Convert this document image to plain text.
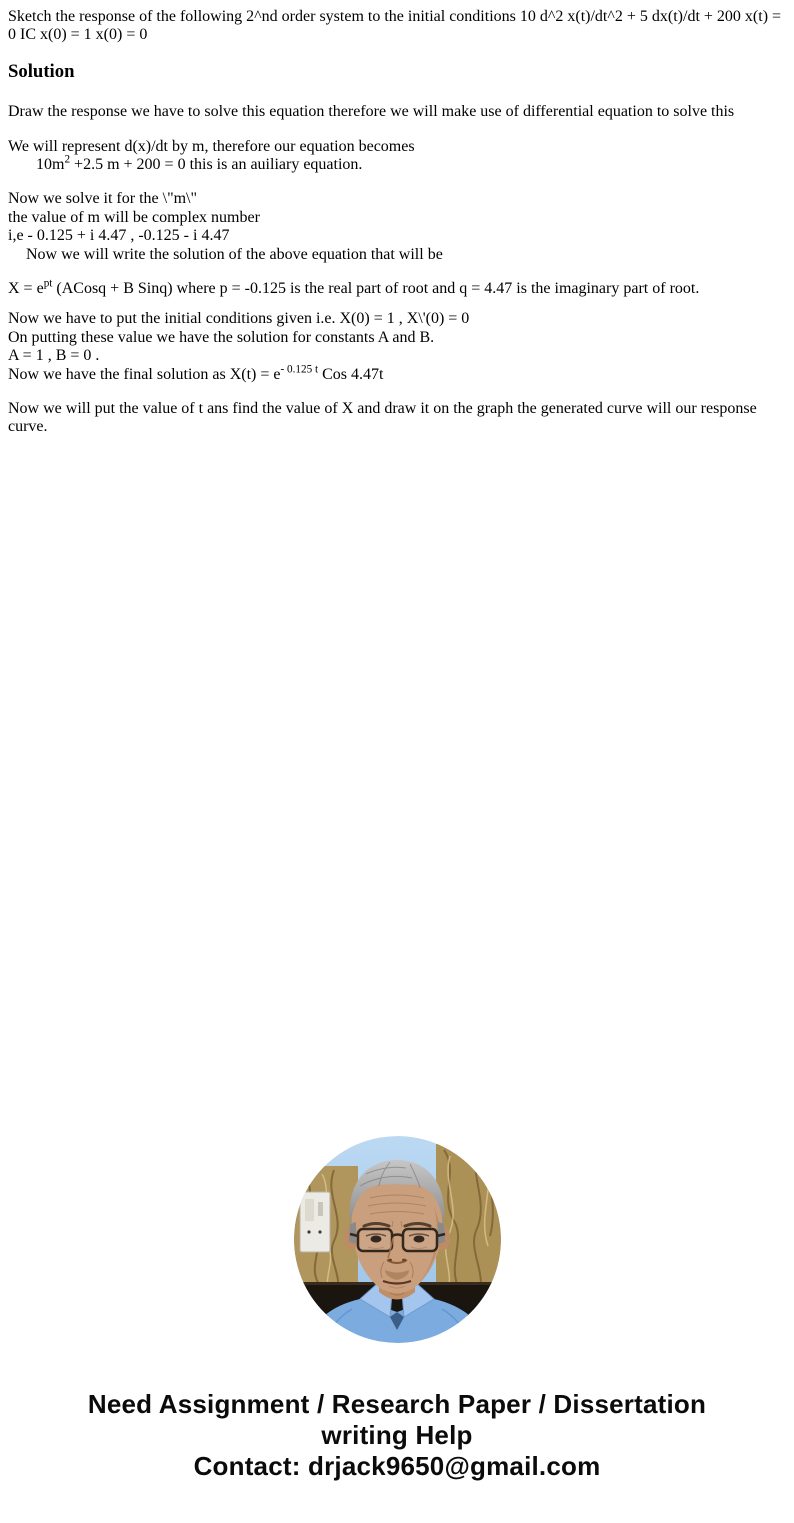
Sketch the response of the following 2^nd order system to the initial conditions 10 d^2 x(t)/dt^2 + 5 dx(t)/dt + 200 x(t) = 0 IC x(0) = 1 x(0) = 0

Solution

Draw the response we have to solve this equation therefore we will make use of differential equation to solve this

We will represent d(x)/dt by m, therefore our equation becomes
$10m^2 +2.5$ m + 200 = 0 this is an auiliary equation.

Now we solve it for the \"m\"
the value of m will be complex number
i,e - 0.125 + i 4.47 , -0.125 - i 4.47
Now we will write the solution of the above equation that will be

$X = e^{pt}$ (ACosq + B Sinq) where p = -0.125 is the real part of root and q = 4.47 is the imaginary part of root.

Now we have to put the initial conditions given i.e. X(0) = 1 , X\'(0) = 0
On putting these value we have the solution for constants A and B.
A = 1 , B = 0 .
Now we have the final solution as $X(t) = e^{- 0.125 t}$ Cos 4.47t

Now we will put the value of t ans find the value of X and draw it on the graph the generated curve will our response curve.

Need Assignment / Research Paper / Dissertation
writing Help
Contact: drjack9650@gmail.com
